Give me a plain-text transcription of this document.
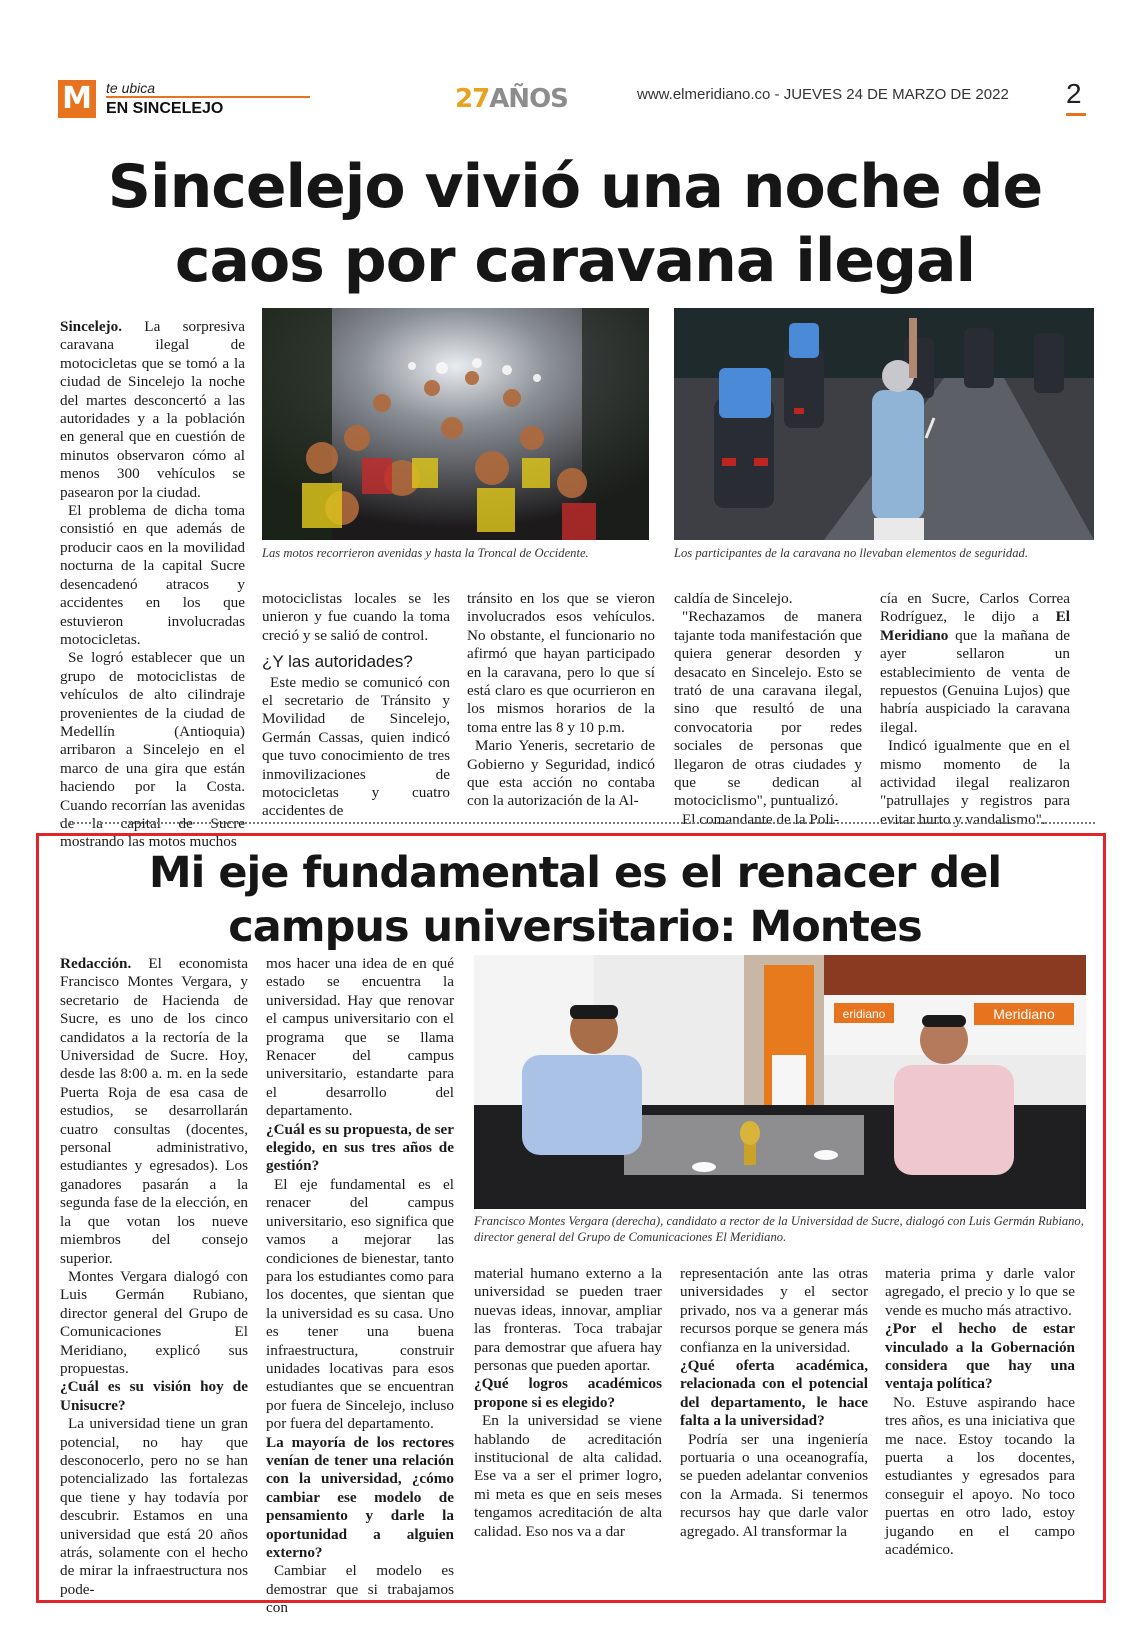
M te ubica
EN SINCELEJO	27AÑOS	www.elmeridiano.co - JUEVES 24 DE MARZO DE 2022 2
Sincelejo vivió una noche de caos por caravana ilegal

Sincelejo. La sorpresiva caravana ilegal de motocicletas que se tomó a la ciudad de Sincelejo la noche del martes desconcertó a las autoridades y a la población en general que en cuestión de minutos observaron cómo al menos 300 vehículos se pasearon por la ciudad.

El problema de dicha toma consistió en que además de producir caos en la movilidad nocturna de la capital Sucre desencadenó atracos y accidentes en los que estuvieron involucradas motocicletas.

Se logró establecer que un grupo de motociclistas de vehículos de alto cilindraje provenientes de la ciudad de Medellín (Antioquia) arribaron a Sincelejo en el marco de una gira que están haciendo por la Costa. Cuando recorrían las avenidas de la capital de Sucre mostrando las motos muchos

Las motos recorrieron avenidas y hasta la Troncal de Occidente.	Los participantes de la caravana no llevaban elementos de seguridad.

motociclistas locales se les unieron y fue cuando la toma creció y se salió de control.

¿Y las autoridades?

Este medio se comunicó con el secretario de Tránsito y Movilidad de Sincelejo, Germán Cassas, quien indicó que tuvo conocimiento de tres inmovilizaciones de motocicletas y cuatro accidentes de

tránsito en los que se vieron involucrados esos vehículos. No obstante, el funcionario no afirmó que hayan participado en la caravana, pero lo que sí está claro es que ocurrieron en los mismos horarios de la toma entre las 8 y 10 p.m.

Mario Yeneris, secretario de Gobierno y Seguridad, indicó que esta acción no contaba con la autorización de la Al-

caldía de Sincelejo.

"Rechazamos de manera tajante toda manifestación que quiera generar desorden y desacato en Sincelejo. Esto se trató de una caravana ilegal, sino que resultó de una convocatoria por redes sociales de personas que llegaron de otras ciudades y que se dedican al motociclismo", puntualizó.

El comandante de la Poli-

cía en Sucre, Carlos Correa Rodríguez, le dijo a El Meridiano que la mañana de ayer sellaron un establecimiento de venta de repuestos (Genuina Lujos) que habría auspiciado la caravana ilegal.

Indicó igualmente que en el mismo momento de la actividad ilegal realizaron "patrullajes y registros para evitar hurto y vandalismo".

Mi eje fundamental es el renacer del campus universitario: Montes

Redacción. El economista Francisco Montes Vergara, y secretario de Hacienda de Sucre, es uno de los cinco candidatos a la rectoría de la Universidad de Sucre. Hoy, desde las 8:00 a. m. en la sede Puerta Roja de esa casa de estudios, se desarrollarán cuatro consultas (docentes, personal administrativo, estudiantes y egresados). Los ganadores pasarán a la segunda fase de la elección, en la que votan los nueve miembros del consejo superior.

Montes Vergara dialogó con Luis Germán Rubiano, director general del Grupo de Comunicaciones El Meridiano, explicó sus propuestas.

¿Cuál es su visión hoy de Unisucre?

La universidad tiene un gran potencial, no hay que desconocerlo, pero no se han potencializado las fortalezas que tiene y hay todavía por descubrir. Estamos en una universidad que está 20 años atrás, solamente con el hecho de mirar la infraestructura nos pode-

mos hacer una idea de en qué estado se encuentra la universidad. Hay que renovar el campus universitario con el programa que se llama Renacer del campus universitario, estandarte para el desarrollo del departamento.

¿Cuál es su propuesta, de ser elegido, en sus tres años de gestión?

El eje fundamental es el renacer del campus universitario, eso significa que vamos a mejorar las condiciones de bienestar, tanto para los estudiantes como para los docentes, que sientan que la universidad es su casa. Uno es tener una buena infraestructura, construir unidades locativas para esos estudiantes que se encuentran por fuera de Sincelejo, incluso por fuera del departamento.

La mayoría de los rectores venían de tener una relación con la universidad, ¿cómo cambiar ese modelo de pensamiento y darle la oportunidad a alguien externo?

Cambiar el modelo es demostrar que si trabajamos con

eridiano	Meridiano
Francisco Montes Vergara (derecha), candidato a rector de la Universidad de Sucre, dialogó con Luis Germán Rubiano, director general del Grupo de Comunicaciones El Meridiano.

material humano externo a la universidad se pueden traer nuevas ideas, innovar, ampliar las fronteras. Toca trabajar para demostrar que afuera hay personas que pueden aportar.

¿Qué logros académicos propone si es elegido?

En la universidad se viene hablando de acreditación institucional de alta calidad. Ese va a ser el primer logro, mi meta es que en seis meses tengamos acreditación de alta calidad. Eso nos va a dar

representación ante las otras universidades y el sector privado, nos va a generar más recursos porque se genera más confianza en la universidad.

¿Qué oferta académica, relacionada con el potencial del departamento, le hace falta a la universidad?

Podría ser una ingeniería portuaria o una oceanografía, se pueden adelantar convenios con la Armada. Si tenermos recursos hay que darle valor agregado. Al transformar la

materia prima y darle valor agregado, el precio y lo que se vende es mucho más atractivo.

¿Por el hecho de estar vinculado a la Gobernación considera que hay una ventaja política?

No. Estuve aspirando hace tres años, es una iniciativa que me nace. Estoy tocando la puerta a los docentes, estudiantes y egresados para conseguir el apoyo. No toco puertas en otro lado, estoy jugando en el campo académico.
